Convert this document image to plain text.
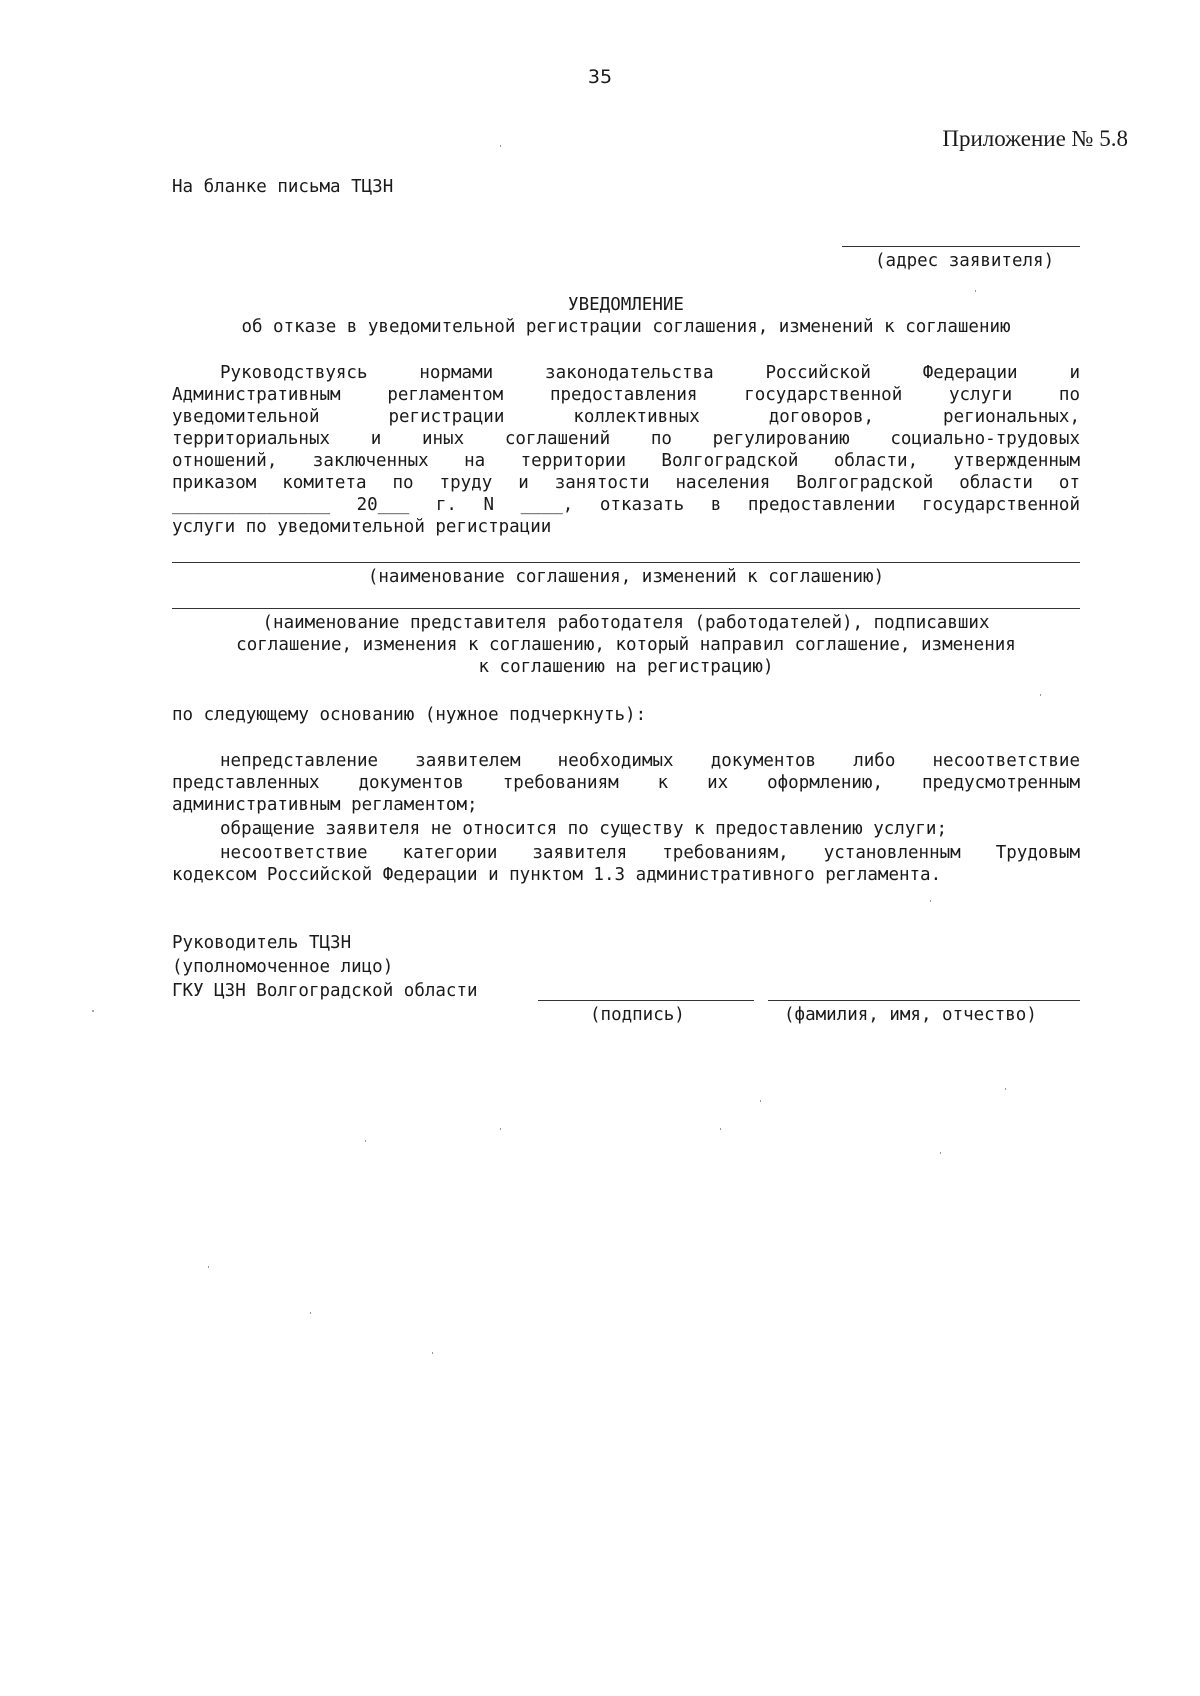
35
Приложение № 5.8
На бланке письма ТЦЗН
(адрес заявителя)
УВЕДОМЛЕНИЕ
об отказе в уведомительной регистрации соглашения, изменений к соглашению
Руководствуясь нормами законодательства Российской Федерации и
Административным регламентом предоставления государственной услуги по
уведомительной регистрации коллективных договоров, региональных,
территориальных и иных соглашений по регулированию социально-трудовых
отношений, заключенных на территории Волгоградской области, утвержденным
приказом комитета по труду и занятости населения Волгоградской области от
_______________ 20___ г. N ____, отказать в предоставлении государственной
услуги по уведомительной регистрации
(наименование соглашения, изменений к соглашению)
(наименование представителя работодателя (работодателей), подписавших
соглашение, изменения к соглашению, который направил соглашение, изменения
к соглашению на регистрацию)
по следующему основанию (нужное подчеркнуть):
непредставление заявителем необходимых документов либо несоответствие
представленных документов требованиям к их оформлению, предусмотренным
административным регламентом;
обращение заявителя не относится по существу к предоставлению услуги;
несоответствие категории заявителя требованиям, установленным Трудовым
кодексом Российской Федерации и пунктом 1.3 административного регламента.
Руководитель ТЦЗН
(уполномоченное лицо)
ГКУ ЦЗН Волгоградской области
(подпись)	(фамилия, имя, отчество)
